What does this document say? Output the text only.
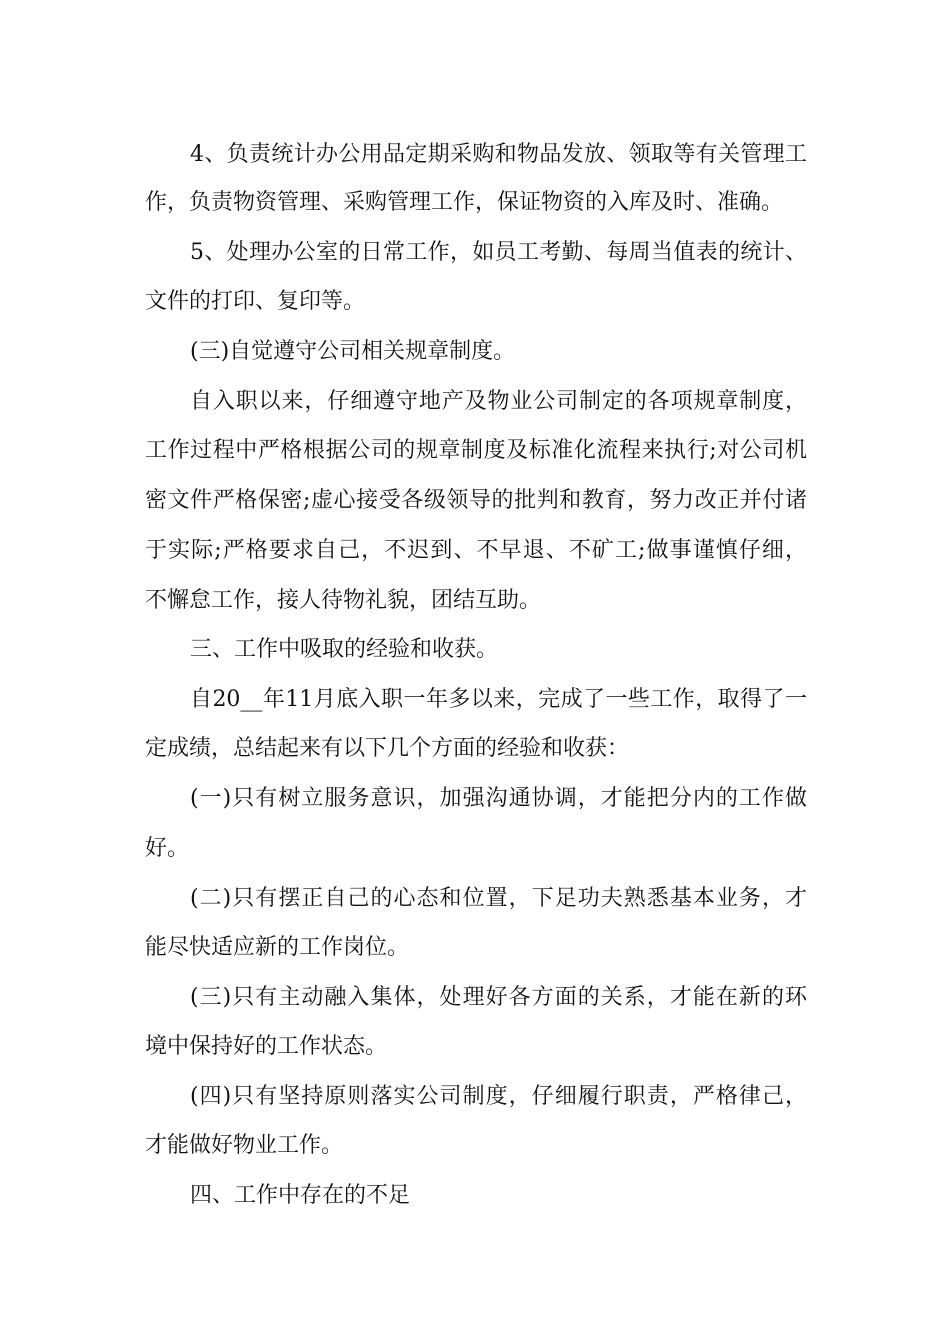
4、负责统计办公用品定期采购和物品发放、领取等有关管理工
作，负责物资管理、采购管理工作，保证物资的入库及时、准确。
5、处理办公室的日常工作，如员工考勤、每周当值表的统计、
文件的打印、复印等。
(三)自觉遵守公司相关规章制度。
自入职以来，仔细遵守地产及物业公司制定的各项规章制度，
工作过程中严格根据公司的规章制度及标准化流程来执行;对公司机
密文件严格保密;虚心接受各级领导的批判和教育，努力改正并付诸
于实际;严格要求自己，不迟到、不早退、不矿工;做事谨慎仔细，
不懈怠工作，接人待物礼貌，团结互助。
三、工作中吸取的经验和收获。
自20__年11月底入职一年多以来，完成了一些工作，取得了一
定成绩，总结起来有以下几个方面的经验和收获：
(一)只有树立服务意识，加强沟通协调，才能把分内的工作做
好。
(二)只有摆正自己的心态和位置，下足功夫熟悉基本业务，才
能尽快适应新的工作岗位。
(三)只有主动融入集体，处理好各方面的关系，才能在新的环
境中保持好的工作状态。
(四)只有坚持原则落实公司制度，仔细履行职责，严格律己，
才能做好物业工作。
四、工作中存在的不足
